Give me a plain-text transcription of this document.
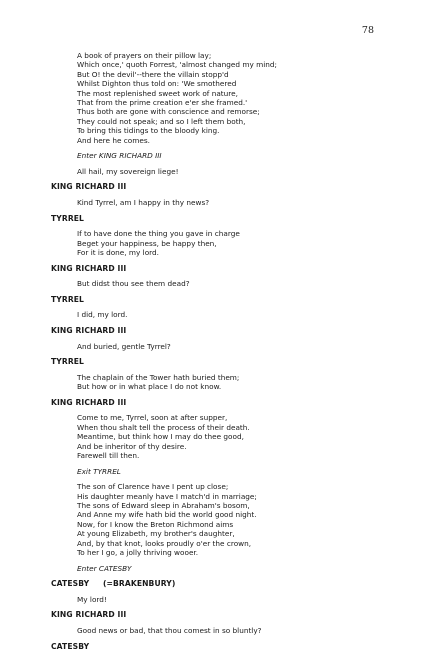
78
A book of prayers on their pillow lay;
Which once,' quoth Forrest, 'almost changed my mind;
But O! the devil'--there the villain stopp'd
Whilst Dighton thus told on: 'We smothered
The most replenished sweet work of nature,
That from the prime creation e'er she framed.'
Thus both are gone with conscience and remorse;
They could not speak; and so I left them both,
To bring this tidings to the bloody king.
And here he comes.
Enter KING RICHARD III
All hail, my sovereign liege!
KING RICHARD III
Kind Tyrrel, am I happy in thy news?
TYRREL
If to have done the thing you gave in charge
Beget your happiness, be happy then,
For it is done, my lord.
KING RICHARD III
But didst thou see them dead?
TYRREL
I did, my lord.
KING RICHARD III
And buried, gentle Tyrrel?
TYRREL
The chaplain of the Tower hath buried them;
But how or in what place I do not know.
KING RICHARD III
Come to me, Tyrrel, soon at after supper,
When thou shalt tell the process of their death.
Meantime, but think how I may do thee good,
And be inheritor of thy desire.
Farewell till then.
Exit TYRREL
The son of Clarence have I pent up close;
His daughter meanly have I match'd in marriage;
The sons of Edward sleep in Abraham's bosom,
And Anne my wife hath bid the world good night.
Now, for I know the Breton Richmond aims
At young Elizabeth, my brother's daughter,
And, by that knot, looks proudly o'er the crown,
To her I go, a jolly thriving wooer.
Enter CATESBY
CATESBY     (=BRAKENBURY)
My lord!
KING RICHARD III
Good news or bad, that thou comest in so bluntly?
CATESBY
